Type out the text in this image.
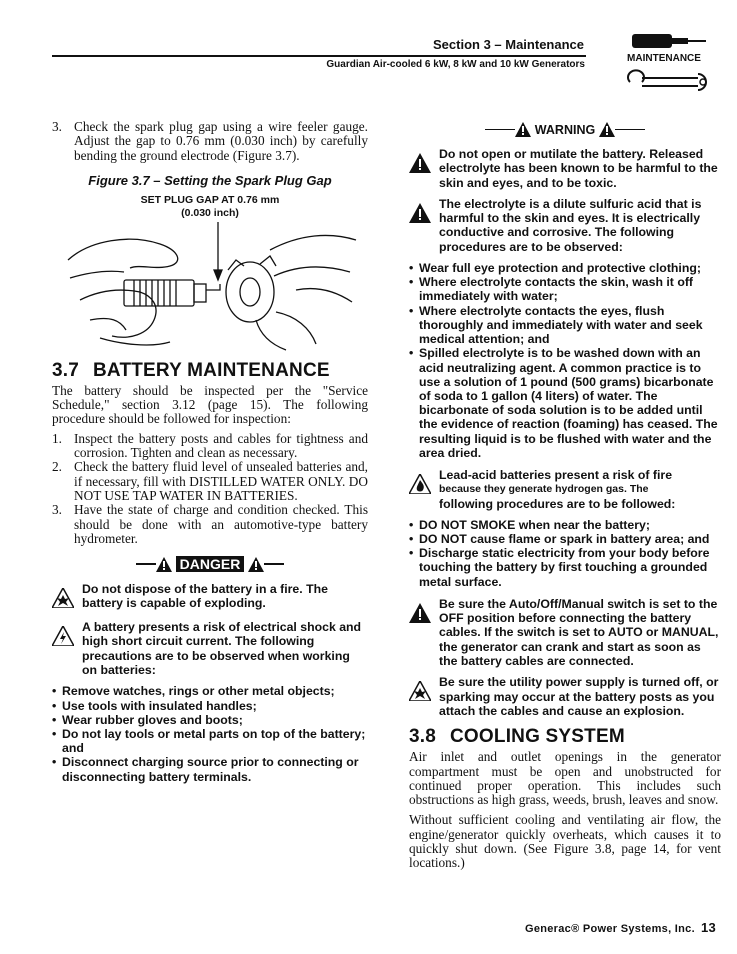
Section 3 – Maintenance
Guardian Air-cooled 6 kW, 8 kW and 10 kW Generators
MAINTENANCE
3. Check the spark plug gap using a wire feeler gauge. Adjust the gap to 0.76 mm (0.030 inch) by carefully bending the ground electrode (Figure 3.7).
Figure 3.7 – Setting the Spark Plug Gap
SET PLUG GAP AT 0.76 mm
(0.030 inch)
3.7 BATTERY MAINTENANCE

The battery should be inspected per the "Service Schedule," section 3.12 (page 15). The following procedure should be followed for inspection:

1. Inspect the battery posts and cables for tightness and corrosion. Tighten and clean as necessary.
2. Check the battery fluid level of unsealed batteries and, if necessary, fill with DISTILLED WATER ONLY. DO NOT USE TAP WATER IN BATTERIES.
3. Have the state of charge and condition checked. This should be done with an automotive-type battery hydrometer.
DANGER
Do not dispose of the battery in a fire. The battery is capable of exploding.
A battery presents a risk of electrical shock and high short circuit current. The following precautions are to be observed when working on batteries:
• Remove watches, rings or other metal objects;
• Use tools with insulated handles;
• Wear rubber gloves and boots;
• Do not lay tools or metal parts on top of the battery; and
• Disconnect charging source prior to connecting or disconnecting battery terminals.
WARNING
Do not open or mutilate the battery. Released electrolyte has been known to be harmful to the skin and eyes, and to be toxic.
The electrolyte is a dilute sulfuric acid that is harmful to the skin and eyes. It is electrically conductive and corrosive. The following procedures are to be observed:
• Wear full eye protection and protective clothing;
• Where electrolyte contacts the skin, wash it off immediately with water;
• Where electrolyte contacts the eyes, flush thoroughly and immediately with water and seek medical attention; and
• Spilled electrolyte is to be washed down with an acid neutralizing agent. A common practice is to use a solution of 1 pound (500 grams) bicarbonate of soda to 1 gallon (4 liters) of water. The bicarbonate of soda solution is to be added until the evidence of reaction (foaming) has ceased. The resulting liquid is to be flushed with water and the area dried.
Lead-acid batteries present a risk of fire
because they generate hydrogen gas. The
following procedures are to be followed:
• DO NOT SMOKE when near the battery;
• DO NOT cause flame or spark in battery area; and
• Discharge static electricity from your body before touching the battery by first touching a grounded metal surface.
Be sure the Auto/Off/Manual switch is set to the OFF position before connecting the battery cables. If the switch is set to AUTO or MANUAL, the generator can crank and start as soon as the battery cables are connected.
Be sure the utility power supply is turned off, or sparking may occur at the battery posts as you attach the cables and cause an explosion.
3.8 COOLING SYSTEM

Air inlet and outlet openings in the generator compartment must be open and unobstructed for continued proper operation. This includes such obstructions as high grass, weeds, brush, leaves and snow.

Without sufficient cooling and ventilating air flow, the engine/generator quickly overheats, which causes it to quickly shut down. (See Figure 3.8, page 14, for vent locations.)

Generac® Power Systems, Inc. 13
